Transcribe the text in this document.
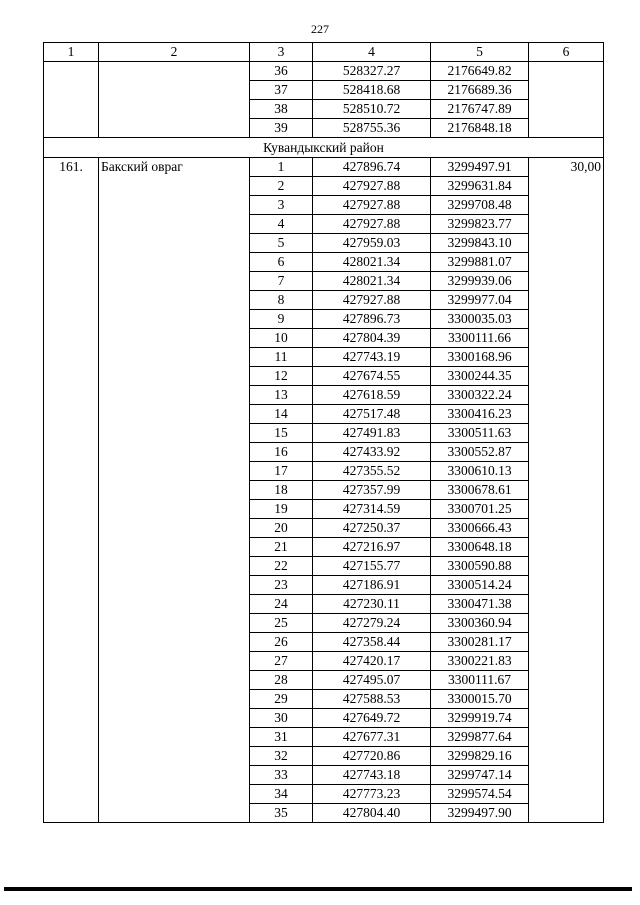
227
1	2	3	4	5	6
		36	528327.27	2176649.82	
		37	528418.68	2176689.36	
		38	528510.72	2176747.89	
		39	528755.36	2176848.18	
Кувандыкский район					
161.	Бакский овраг	1	427896.74	3299497.91	30,00
		2	427927.88	3299631.84	
		3	427927.88	3299708.48	
		4	427927.88	3299823.77	
		5	427959.03	3299843.10	
		6	428021.34	3299881.07	
		7	428021.34	3299939.06	
		8	427927.88	3299977.04	
		9	427896.73	3300035.03	
		10	427804.39	3300111.66	
		11	427743.19	3300168.96	
		12	427674.55	3300244.35	
		13	427618.59	3300322.24	
		14	427517.48	3300416.23	
		15	427491.83	3300511.63	
		16	427433.92	3300552.87	
		17	427355.52	3300610.13	
		18	427357.99	3300678.61	
		19	427314.59	3300701.25	
		20	427250.37	3300666.43	
		21	427216.97	3300648.18	
		22	427155.77	3300590.88	
		23	427186.91	3300514.24	
		24	427230.11	3300471.38	
		25	427279.24	3300360.94	
		26	427358.44	3300281.17	
		27	427420.17	3300221.83	
		28	427495.07	3300111.67	
		29	427588.53	3300015.70	
		30	427649.72	3299919.74	
		31	427677.31	3299877.64	
		32	427720.86	3299829.16	
		33	427743.18	3299747.14	
		34	427773.23	3299574.54	
		35	427804.40	3299497.90	
